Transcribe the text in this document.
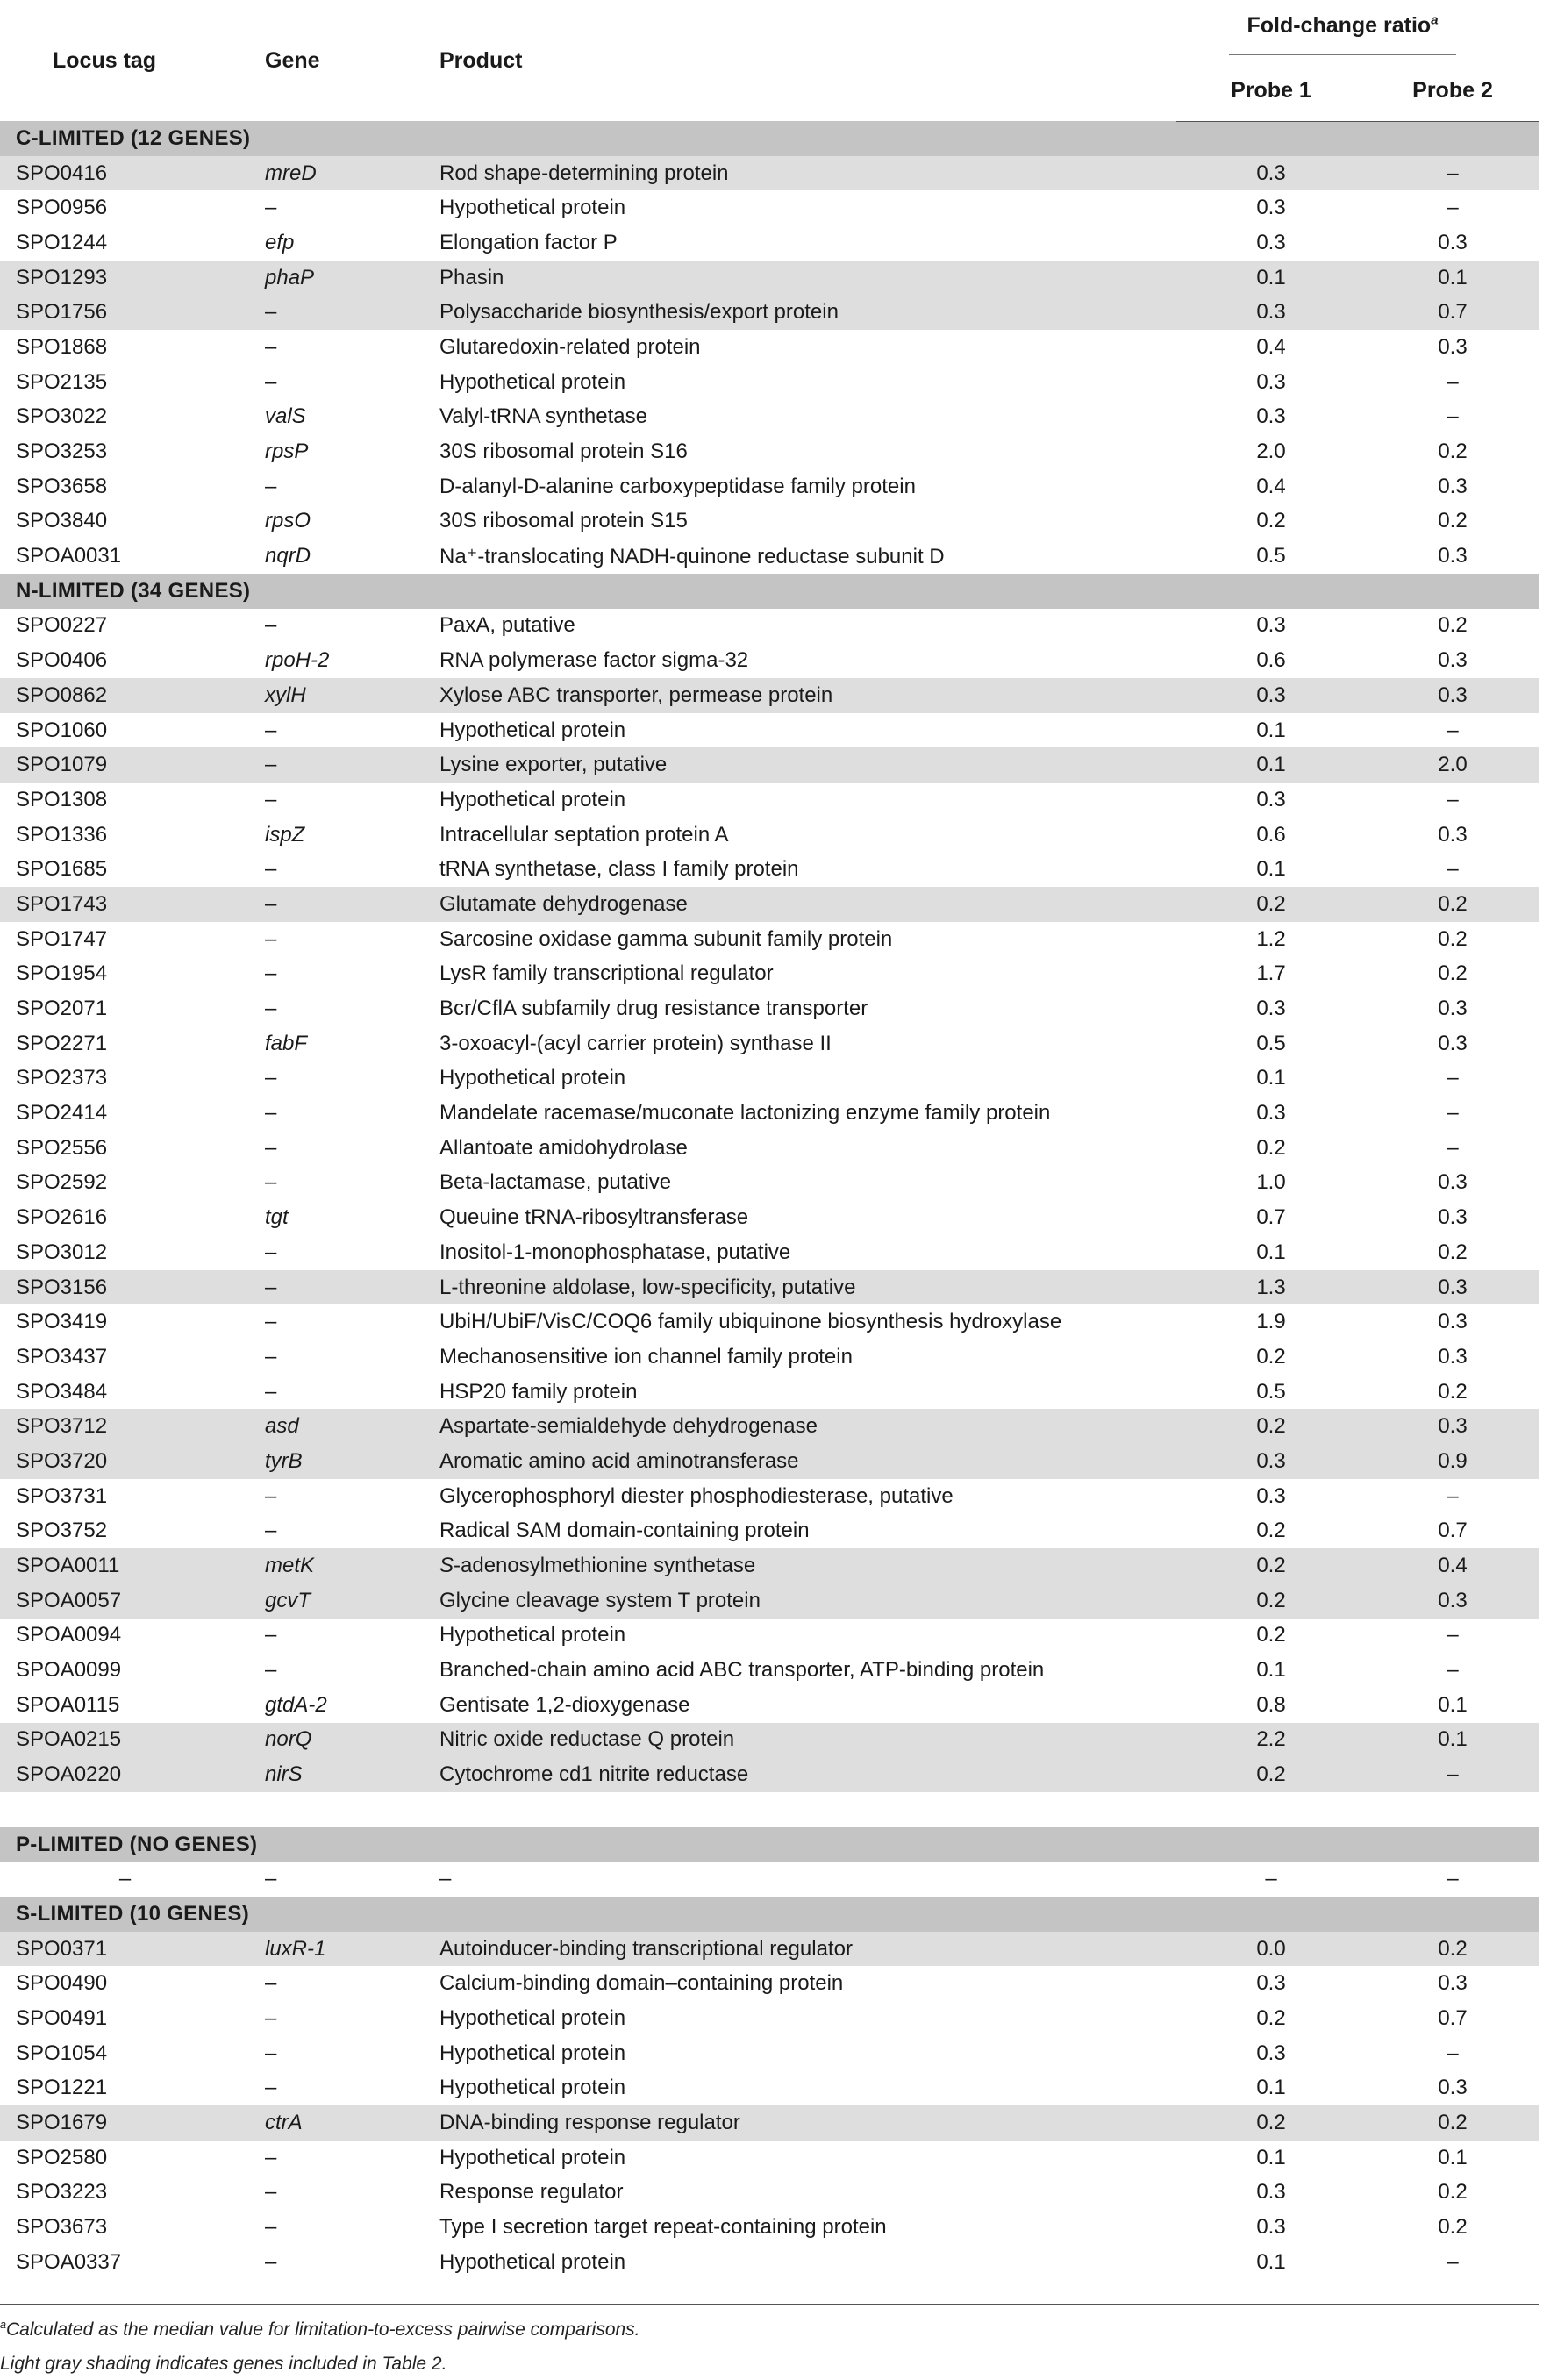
Locus tag	Gene	Product	Fold-change ratio$^a$
			Probe 1	Probe 2
C-LIMITED (12 GENES)				
SPO0416	mreD	Rod shape-determining protein	0.3	–
SPO0956	–	Hypothetical protein	0.3	–
SPO1244	efp	Elongation factor P	0.3	0.3
SPO1293	phaP	Phasin	0.1	0.1
SPO1756	–	Polysaccharide biosynthesis/export protein	0.3	0.7
SPO1868	–	Glutaredoxin-related protein	0.4	0.3
SPO2135	–	Hypothetical protein	0.3	–
SPO3022	valS	Valyl-tRNA synthetase	0.3	–
SPO3253	rpsP	30S ribosomal protein S16	2.0	0.2
SPO3658	–	D-alanyl-D-alanine carboxypeptidase family protein	0.4	0.3
SPO3840	rpsO	30S ribosomal protein S15	0.2	0.2
SPOA0031	nqrD	Na⁺-translocating NADH-quinone reductase subunit D	0.5	0.3
N-LIMITED (34 GENES)				
SPO0227	–	PaxA, putative	0.3	0.2
SPO0406	rpoH-2	RNA polymerase factor sigma-32	0.6	0.3
SPO0862	xylH	Xylose ABC transporter, permease protein	0.3	0.3
SPO1060	–	Hypothetical protein	0.1	–
SPO1079	–	Lysine exporter, putative	0.1	2.0
SPO1308	–	Hypothetical protein	0.3	–
SPO1336	ispZ	Intracellular septation protein A	0.6	0.3
SPO1685	–	tRNA synthetase, class I family protein	0.1	–
SPO1743	–	Glutamate dehydrogenase	0.2	0.2
SPO1747	–	Sarcosine oxidase gamma subunit family protein	1.2	0.2
SPO1954	–	LysR family transcriptional regulator	1.7	0.2
SPO2071	–	Bcr/CflA subfamily drug resistance transporter	0.3	0.3
SPO2271	fabF	3-oxoacyl-(acyl carrier protein) synthase II	0.5	0.3
SPO2373	–	Hypothetical protein	0.1	–
SPO2414	–	Mandelate racemase/muconate lactonizing enzyme family protein	0.3	–
SPO2556	–	Allantoate amidohydrolase	0.2	–
SPO2592	–	Beta-lactamase, putative	1.0	0.3
SPO2616	tgt	Queuine tRNA-ribosyltransferase	0.7	0.3
SPO3012	–	Inositol-1-monophosphatase, putative	0.1	0.2
SPO3156	–	L-threonine aldolase, low-specificity, putative	1.3	0.3
SPO3419	–	UbiH/UbiF/VisC/COQ6 family ubiquinone biosynthesis hydroxylase	1.9	0.3
SPO3437	–	Mechanosensitive ion channel family protein	0.2	0.3
SPO3484	–	HSP20 family protein	0.5	0.2
SPO3712	asd	Aspartate-semialdehyde dehydrogenase	0.2	0.3
SPO3720	tyrB	Aromatic amino acid aminotransferase	0.3	0.9
SPO3731	–	Glycerophosphoryl diester phosphodiesterase, putative	0.3	–
SPO3752	–	Radical SAM domain-containing protein	0.2	0.7
SPOA0011	metK	S-adenosylmethionine synthetase	0.2	0.4
SPOA0057	gcvT	Glycine cleavage system T protein	0.2	0.3
SPOA0094	–	Hypothetical protein	0.2	–
SPOA0099	–	Branched-chain amino acid ABC transporter, ATP-binding protein	0.1	–
SPOA0115	gtdA-2	Gentisate 1,2-dioxygenase	0.8	0.1
SPOA0215	norQ	Nitric oxide reductase Q protein	2.2	0.1
SPOA0220	nirS	Cytochrome cd1 nitrite reductase	0.2	–

P-LIMITED (NO GENES)				
–	–	–	–	–
S-LIMITED (10 GENES)				
SPO0371	luxR-1	Autoinducer-binding transcriptional regulator	0.0	0.2
SPO0490	–	Calcium-binding domain–containing protein	0.3	0.3
SPO0491	–	Hypothetical protein	0.2	0.7
SPO1054	–	Hypothetical protein	0.3	–
SPO1221	–	Hypothetical protein	0.1	0.3
SPO1679	ctrA	DNA-binding response regulator	0.2	0.2
SPO2580	–	Hypothetical protein	0.1	0.1
SPO3223	–	Response regulator	0.3	0.2
SPO3673	–	Type I secretion target repeat-containing protein	0.3	0.2
SPOA0337	–	Hypothetical protein	0.1	–
$^a$Calculated as the median value for limitation-to-excess pairwise comparisons.
Light gray shading indicates genes included in Table 2.
